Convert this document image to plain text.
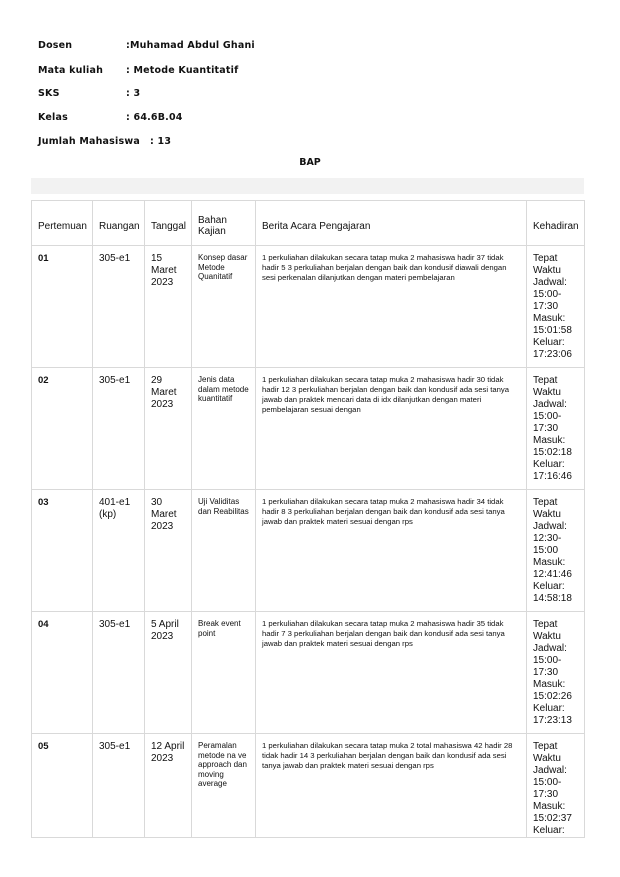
Dosen	:Muhamad Abdul Ghani
Mata kuliah : Metode Kuantitatif
SKS	: 3
Kelas	: 64.6B.04
Jumlah Mahasiswa : 13
BAP
Pertemuan	Ruangan	Tanggal	Bahan Kajian	Berita Acara Pengajaran	Kehadiran
01	305-e1	15 Maret 2023	Konsep dasar Metode Quanitatif	1 perkuliahan dilakukan secara tatap muka 2 mahasiswa hadir 37 tidak hadir 5 3 perkuliahan berjalan dengan baik dan kondusif diawali dengan sesi perkenalan dilanjutkan dengan materi pembelajaran	Tepat Waktu Jadwal: 15:00-17:30 Masuk: 15:01:58 Keluar: 17:23:06
02	305-e1	29 Maret 2023	Jenis data dalam metode kuantitatif	1 perkuliahan dilakukan secara tatap muka 2 mahasiswa hadir 30 tidak hadir 12 3 perkuliahan berjalan dengan baik dan kondusif ada sesi tanya jawab dan praktek mencari data di idx dilanjutkan dengan materi pembelajaran sesuai dengan	Tepat Waktu Jadwal: 15:00-17:30 Masuk: 15:02:18 Keluar: 17:16:46
03	401-e1 (kp)	30 Maret 2023	Uji Validitas dan Reabilitas	1 perkuliahan dilakukan secara tatap muka 2 mahasiswa hadir 34 tidak hadir 8 3 perkuliahan berjalan dengan baik dan kondusif ada sesi tanya jawab dan praktek materi sesuai dengan rps	Tepat Waktu Jadwal: 12:30-15:00 Masuk: 12:41:46 Keluar: 14:58:18
04	305-e1	5 April 2023	Break event point	1 perkuliahan dilakukan secara tatap muka 2 mahasiswa hadir 35 tidak hadir 7 3 perkuliahan berjalan dengan baik dan kondusif ada sesi tanya jawab dan praktek materi sesuai dengan rps	Tepat Waktu Jadwal: 15:00-17:30 Masuk: 15:02:26 Keluar: 17:23:13
05	305-e1	12 April 2023	Peramalan metode na ve approach dan moving average	1 perkuliahan dilakukan secara tatap muka 2 total mahasiswa 42 hadir 28 tidak hadir 14 3 perkuliahan berjalan dengan baik dan kondusif ada sesi tanya jawab dan praktek materi sesuai dengan rps	Tepat Waktu Jadwal: 15:00-17:30 Masuk: 15:02:37 Keluar:
